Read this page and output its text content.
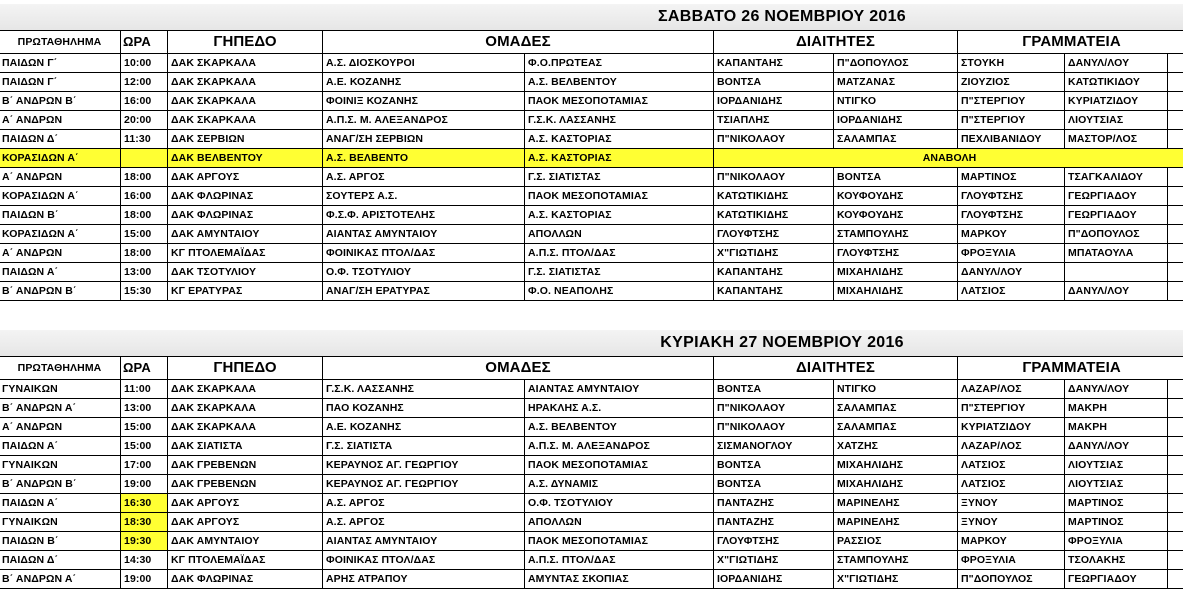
ΣΑΒΒΑΤΟ 26 ΝΟΕΜΒΡΙΟΥ 2016									
ΠΡΩΤΑΘΗΛΗΜΑ	ΩΡΑ	ΓΗΠΕΔΟ	ΟΜΑΔΕΣ		ΔΙΑΙΤΗΤΕΣ		ΓΡΑΜΜΑΤΕΙΑ		
ΠΑΙΔΩΝ Γ΄	10:00	ΔΑΚ ΣΚΑΡΚΑΛΑ	Α.Σ. ΔΙΟΣΚΟΥΡΟΙ	Φ.Ο.ΠΡΩΤΕΑΣ	ΚΑΠΑΝΤΑΗΣ	Π"ΔΟΠΟΥΛΟΣ	ΣΤΟΥΚΗ	ΔΑΝΥΛ/ΛΟΥ	
ΠΑΙΔΩΝ Γ΄	12:00	ΔΑΚ ΣΚΑΡΚΑΛΑ	Α.Ε. ΚΟΖΑΝΗΣ	Α.Σ. ΒΕΛΒΕΝΤΟΥ	ΒΟΝΤΣΑ	ΜΑΤΖΑΝΑΣ	ΖΙΟΥΖΙΟΣ	ΚΑΤΩΤΙΚΙΔΟΥ	
Β΄ ΑΝΔΡΩΝ Β΄	16:00	ΔΑΚ ΣΚΑΡΚΑΛΑ	ΦΟΙΝΙΞ ΚΟΖΑΝΗΣ	ΠΑΟΚ ΜΕΣΟΠΟΤΑΜΙΑΣ	ΙΟΡΔΑΝΙΔΗΣ	ΝΤΙΓΚΟ	Π"ΣΤΕΡΓΙΟΥ	ΚΥΡΙΑΤΖΙΔΟΥ	
Α΄ ΑΝΔΡΩΝ	20:00	ΔΑΚ ΣΚΑΡΚΑΛΑ	Α.Π.Σ. Μ. ΑΛΕΞΑΝΔΡΟΣ	Γ.Σ.Κ. ΛΑΣΣΑΝΗΣ	ΤΣΙΑΠΛΗΣ	ΙΟΡΔΑΝΙΔΗΣ	Π"ΣΤΕΡΓΙΟΥ	ΛΙΟΥΤΣΙΑΣ	
ΠΑΙΔΩΝ Δ΄	11:30	ΔΑΚ ΣΕΡΒΙΩΝ	ΑΝΑΓ/ΣΗ ΣΕΡΒΙΩΝ	Α.Σ. ΚΑΣΤΟΡΙΑΣ	Π"ΝΙΚΟΛΑΟΥ	ΣΑΛΑΜΠΑΣ	ΠΕΧΛΙΒΑΝΙΔΟΥ	ΜΑΣΤΟΡ/ΛΟΣ	
ΚΟΡΑΣΙΔΩΝ Α΄		ΔΑΚ ΒΕΛΒΕΝΤΟΥ	Α.Σ. ΒΕΛΒΕΝΤΟ	Α.Σ. ΚΑΣΤΟΡΙΑΣ	ΑΝΑΒΟΛΗ				
Α΄ ΑΝΔΡΩΝ	18:00	ΔΑΚ ΑΡΓΟΥΣ	Α.Σ. ΑΡΓΟΣ	Γ.Σ. ΣΙΑΤΙΣΤΑΣ	Π"ΝΙΚΟΛΑΟΥ	ΒΟΝΤΣΑ	ΜΑΡΤΙΝΟΣ	ΤΣΑΓΚΑΛΙΔΟΥ	
ΚΟΡΑΣΙΔΩΝ Α΄	16:00	ΔΑΚ ΦΛΩΡΙΝΑΣ	ΣΟΥΤΕΡΣ Α.Σ.	ΠΑΟΚ ΜΕΣΟΠΟΤΑΜΙΑΣ	ΚΑΤΩΤΙΚΙΔΗΣ	ΚΟΥΦΟΥΔΗΣ	ΓΛΟΥΦΤΣΗΣ	ΓΕΩΡΓΙΑΔΟΥ	
ΠΑΙΔΩΝ Β΄	18:00	ΔΑΚ ΦΛΩΡΙΝΑΣ	Φ.Σ.Φ. ΑΡΙΣΤΟΤΕΛΗΣ	Α.Σ. ΚΑΣΤΟΡΙΑΣ	ΚΑΤΩΤΙΚΙΔΗΣ	ΚΟΥΦΟΥΔΗΣ	ΓΛΟΥΦΤΣΗΣ	ΓΕΩΡΓΙΑΔΟΥ	
ΚΟΡΑΣΙΔΩΝ Α΄	15:00	ΔΑΚ ΑΜΥΝΤΑΙΟΥ	ΑΙΑΝΤΑΣ ΑΜΥΝΤΑΙΟΥ	ΑΠΟΛΛΩΝ	ΓΛΟΥΦΤΣΗΣ	ΣΤΑΜΠΟΥΛΗΣ	ΜΑΡΚΟΥ	Π"ΔΟΠΟΥΛΟΣ	
Α΄ ΑΝΔΡΩΝ	18:00	ΚΓ ΠΤΟΛΕΜΑΪΔΑΣ	ΦΟΙΝΙΚΑΣ ΠΤΟΛ/ΔΑΣ	Α.Π.Σ. ΠΤΟΛ/ΔΑΣ	Χ"ΓΙΩΤΙΔΗΣ	ΓΛΟΥΦΤΣΗΣ	ΦΡΟΞΥΛΙΑ	ΜΠΑΤΑΟΥΛΑ	
ΠΑΙΔΩΝ Α΄	13:00	ΔΑΚ ΤΣΟΤΥΛΙΟΥ	Ο.Φ. ΤΣΟΤΥΛΙΟΥ	Γ.Σ. ΣΙΑΤΙΣΤΑΣ	ΚΑΠΑΝΤΑΗΣ	ΜΙΧΑΗΛΙΔΗΣ	ΔΑΝΥΛ/ΛΟΥ		
Β΄ ΑΝΔΡΩΝ Β΄	15:30	ΚΓ ΕΡΑΤΥΡΑΣ	ΑΝΑΓ/ΣΗ ΕΡΑΤΥΡΑΣ	Φ.Ο. ΝΕΑΠΟΛΗΣ	ΚΑΠΑΝΤΑΗΣ	ΜΙΧΑΗΛΙΔΗΣ	ΛΑΤΣΙΟΣ	ΔΑΝΥΛ/ΛΟΥ	
ΚΥΡΙΑΚΗ 27 ΝΟΕΜΒΡΙΟΥ 2016									
ΠΡΩΤΑΘΗΛΗΜΑ	ΩΡΑ	ΓΗΠΕΔΟ	ΟΜΑΔΕΣ		ΔΙΑΙΤΗΤΕΣ		ΓΡΑΜΜΑΤΕΙΑ		
ΓΥΝΑΙΚΩΝ	11:00	ΔΑΚ ΣΚΑΡΚΑΛΑ	Γ.Σ.Κ. ΛΑΣΣΑΝΗΣ	ΑΙΑΝΤΑΣ ΑΜΥΝΤΑΙΟΥ	ΒΟΝΤΣΑ	ΝΤΙΓΚΟ	ΛΑΖΑΡ/ΛΟΣ	ΔΑΝΥΛ/ΛΟΥ	
Β΄ ΑΝΔΡΩΝ Α΄	13:00	ΔΑΚ ΣΚΑΡΚΑΛΑ	ΠΑΟ ΚΟΖΑΝΗΣ	ΗΡΑΚΛΗΣ Α.Σ.	Π"ΝΙΚΟΛΑΟΥ	ΣΑΛΑΜΠΑΣ	Π"ΣΤΕΡΓΙΟΥ	ΜΑΚΡΗ	
Α΄ ΑΝΔΡΩΝ	15:00	ΔΑΚ ΣΚΑΡΚΑΛΑ	Α.Ε. ΚΟΖΑΝΗΣ	Α.Σ. ΒΕΛΒΕΝΤΟΥ	Π"ΝΙΚΟΛΑΟΥ	ΣΑΛΑΜΠΑΣ	ΚΥΡΙΑΤΖΙΔΟΥ	ΜΑΚΡΗ	
ΠΑΙΔΩΝ Α΄	15:00	ΔΑΚ ΣΙΑΤΙΣΤΑ	Γ.Σ. ΣΙΑΤΙΣΤΑ	Α.Π.Σ. Μ. ΑΛΕΞΑΝΔΡΟΣ	ΣΙΣΜΑΝΟΓΛΟΥ	ΧΑΤΖΗΣ	ΛΑΖΑΡ/ΛΟΣ	ΔΑΝΥΛ/ΛΟΥ	
ΓΥΝΑΙΚΩΝ	17:00	ΔΑΚ ΓΡΕΒΕΝΩΝ	ΚΕΡΑΥΝΟΣ ΑΓ. ΓΕΩΡΓΙΟΥ	ΠΑΟΚ ΜΕΣΟΠΟΤΑΜΙΑΣ	ΒΟΝΤΣΑ	ΜΙΧΑΗΛΙΔΗΣ	ΛΑΤΣΙΟΣ	ΛΙΟΥΤΣΙΑΣ	
Β΄ ΑΝΔΡΩΝ Β΄	19:00	ΔΑΚ ΓΡΕΒΕΝΩΝ	ΚΕΡΑΥΝΟΣ ΑΓ. ΓΕΩΡΓΙΟΥ	Α.Σ. ΔΥΝΑΜΙΣ	ΒΟΝΤΣΑ	ΜΙΧΑΗΛΙΔΗΣ	ΛΑΤΣΙΟΣ	ΛΙΟΥΤΣΙΑΣ	
ΠΑΙΔΩΝ Α΄	16:30	ΔΑΚ ΑΡΓΟΥΣ	Α.Σ. ΑΡΓΟΣ	Ο.Φ. ΤΣΟΤΥΛΙΟΥ	ΠΑΝΤΑΖΗΣ	ΜΑΡΙΝΕΛΗΣ	ΞΥΝΟΥ	ΜΑΡΤΙΝΟΣ	
ΓΥΝΑΙΚΩΝ	18:30	ΔΑΚ ΑΡΓΟΥΣ	Α.Σ. ΑΡΓΟΣ	ΑΠΟΛΛΩΝ	ΠΑΝΤΑΖΗΣ	ΜΑΡΙΝΕΛΗΣ	ΞΥΝΟΥ	ΜΑΡΤΙΝΟΣ	
ΠΑΙΔΩΝ Β΄	19:30	ΔΑΚ ΑΜΥΝΤΑΙΟΥ	ΑΙΑΝΤΑΣ ΑΜΥΝΤΑΙΟΥ	ΠΑΟΚ ΜΕΣΟΠΟΤΑΜΙΑΣ	ΓΛΟΥΦΤΣΗΣ	ΡΑΣΣΙΟΣ	ΜΑΡΚΟΥ	ΦΡΟΞΥΛΙΑ	
ΠΑΙΔΩΝ Δ΄	14:30	ΚΓ ΠΤΟΛΕΜΑΪΔΑΣ	ΦΟΙΝΙΚΑΣ ΠΤΟΛ/ΔΑΣ	Α.Π.Σ. ΠΤΟΛ/ΔΑΣ	Χ"ΓΙΩΤΙΔΗΣ	ΣΤΑΜΠΟΥΛΗΣ	ΦΡΟΞΥΛΙΑ	ΤΣΟΛΑΚΗΣ	
Β΄ ΑΝΔΡΩΝ Α΄	19:00	ΔΑΚ ΦΛΩΡΙΝΑΣ	ΑΡΗΣ ΑΤΡΑΠΟΥ	ΑΜΥΝΤΑΣ ΣΚΟΠΙΑΣ	ΙΟΡΔΑΝΙΔΗΣ	Χ"ΓΙΩΤΙΔΗΣ	Π"ΔΟΠΟΥΛΟΣ	ΓΕΩΡΓΙΑΔΟΥ	
